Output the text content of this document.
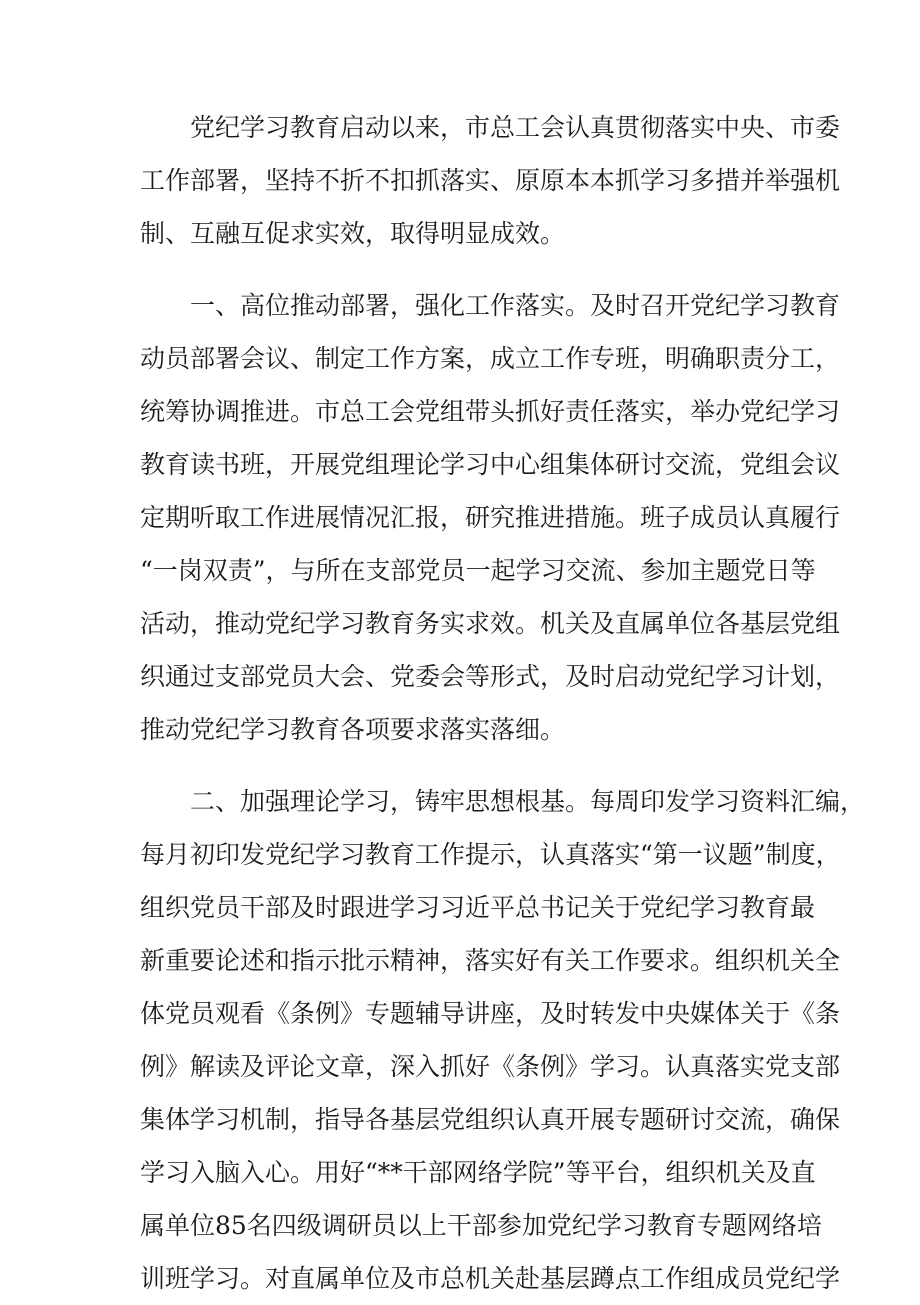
党纪学习教育启动以来，市总工会认真贯彻落实中央、市委
工作部署，坚持不折不扣抓落实、原原本本抓学习多措并举强机
制、互融互促求实效，取得明显成效。
一、高位推动部署，强化工作落实。及时召开党纪学习教育
动员部署会议、制定工作方案，成立工作专班，明确职责分工，
统筹协调推进。市总工会党组带头抓好责任落实，举办党纪学习
教育读书班，开展党组理论学习中心组集体研讨交流，党组会议
定期听取工作进展情况汇报，研究推进措施。班子成员认真履行
“一岗双责”，与所在支部党员一起学习交流、参加主题党日等
活动，推动党纪学习教育务实求效。机关及直属单位各基层党组
织通过支部党员大会、党委会等形式，及时启动党纪学习计划，
推动党纪学习教育各项要求落实落细。
二、加强理论学习，铸牢思想根基。每周印发学习资料汇编，
每月初印发党纪学习教育工作提示，认真落实“第一议题”制度，
组织党员干部及时跟进学习习近平总书记关于党纪学习教育最
新重要论述和指示批示精神，落实好有关工作要求。组织机关全
体党员观看《条例》专题辅导讲座，及时转发中央媒体关于《条
例》解读及评论文章，深入抓好《条例》学习。认真落实党支部
集体学习机制，指导各基层党组织认真开展专题研讨交流，确保
学习入脑入心。用好“**干部网络学院”等平台，组织机关及直
属单位85名四级调研员以上干部参加党纪学习教育专题网络培
训班学习。对直属单位及市总机关赴基层蹲点工作组成员党纪学
